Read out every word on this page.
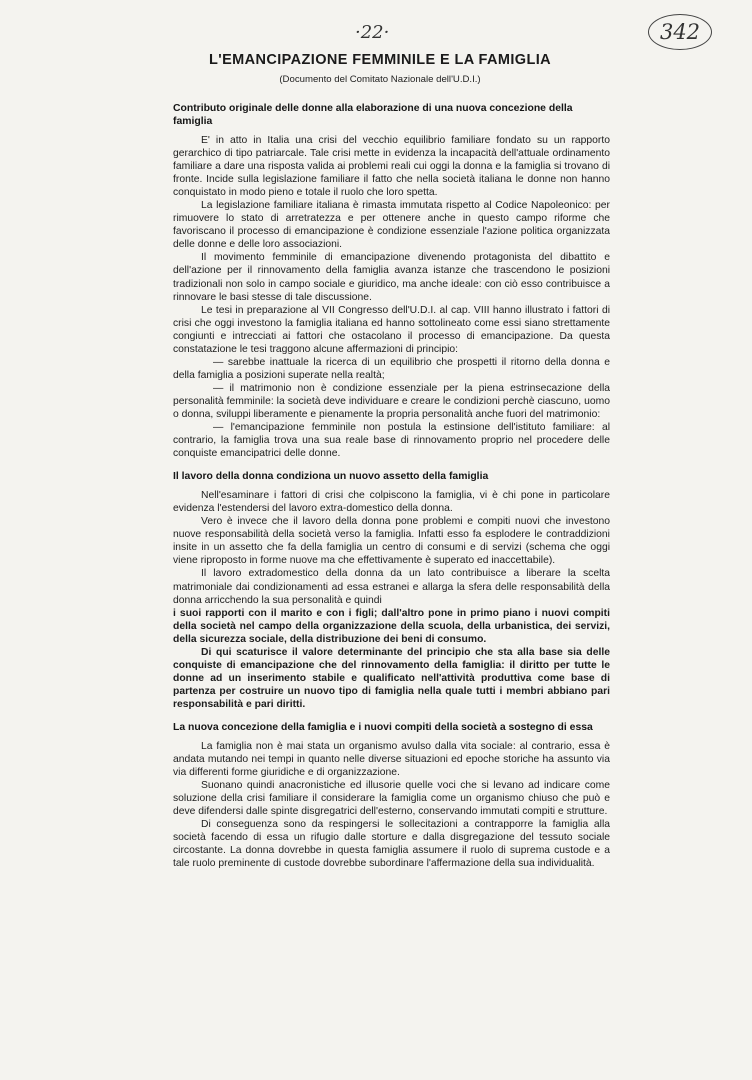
·22·	342
L'EMANCIPAZIONE FEMMINILE E LA FAMIGLIA
(Documento del Comitato Nazionale dell'U.D.I.)

Contributo originale delle donne alla elaborazione di una nuova concezione della famiglia

E' in atto in Italia una crisi del vecchio equilibrio familiare fondato su un rapporto gerarchico di tipo patriarcale. Tale crisi mette in evidenza la incapacità dell'attuale ordinamento familiare a dare una risposta valida ai problemi reali cui oggi la donna e la famiglia si trovano di fronte. Incide sulla legislazione familiare il fatto che nella società italiana le donne non hanno conquistato in modo pieno e totale il ruolo che loro spetta.

La legislazione familiare italiana è rimasta immutata rispetto al Codice Napoleonico: per rimuovere lo stato di arretratezza e per ottenere anche in questo campo riforme che favoriscano il processo di emancipazione è condizione essenziale l'azione politica organizzata delle donne e delle loro associazioni.

Il movimento femminile di emancipazione divenendo protagonista del dibattito e dell'azione per il rinnovamento della famiglia avanza istanze che trascendono le posizioni tradizionali non solo in campo sociale e giuridico, ma anche ideale: con ciò esso contribuisce a rinnovare le basi stesse di tale discussione.

Le tesi in preparazione al VII Congresso dell'U.D.I. al cap. VIII hanno illustrato i fattori di crisi che oggi investono la famiglia italiana ed hanno sottolineato come essi siano strettamente congiunti e intrecciati ai fattori che ostacolano il processo di emancipazione. Da questa constatazione le tesi traggono alcune affermazioni di principio:

— sarebbe inattuale la ricerca di un equilibrio che prospetti il ritorno della donna e della famiglia a posizioni superate nella realtà;

— il matrimonio non è condizione essenziale per la piena estrinsecazione della personalità femminile: la società deve individuare e creare le condizioni perchè ciascuno, uomo o donna, sviluppi liberamente e pienamente la propria personalità anche fuori del matrimonio:

— l'emancipazione femminile non postula la estinsione dell'istituto familiare: al contrario, la famiglia trova una sua reale base di rinnovamento proprio nel procedere delle conquiste emancipatrici delle donne.

Il lavoro della donna condiziona un nuovo assetto della famiglia

Nell'esaminare i fattori di crisi che colpiscono la famiglia, vi è chi pone in particolare evidenza l'estendersi del lavoro extra-domestico della donna.

Vero è invece che il lavoro della donna pone problemi e compiti nuovi che investono nuove responsabilità della società verso la famiglia. Infatti esso fa esplodere le contraddizioni insite in un assetto che fa della famiglia un centro di consumi e di servizi (schema che oggi viene riproposto in forme nuove ma che effettivamente è superato ed inaccettabile).

Il lavoro extradomestico della donna da un lato contribuisce a liberare la scelta matrimoniale dai condizionamenti ad essa estranei e allarga la sfera delle responsabilità della donna arricchendo la sua personalità e quindi

i suoi rapporti con il marito e con i figli; dall'altro pone in primo piano i nuovi compiti della società nel campo della organizzazione della scuola, della urbanistica, dei servizi, della sicurezza sociale, della distribuzione dei beni di consumo.

Di qui scaturisce il valore determinante del principio che sta alla base sia delle conquiste di emancipazione che del rinnovamento della famiglia: il diritto per tutte le donne ad un inserimento stabile e qualificato nell'attività produttiva come base di partenza per costruire un nuovo tipo di famiglia nella quale tutti i membri abbiano pari responsabilità e pari diritti.

La nuova concezione della famiglia e i nuovi compiti della società a sostegno di essa

La famiglia non è mai stata un organismo avulso dalla vita sociale: al contrario, essa è andata mutando nei tempi in quanto nelle diverse situazioni ed epoche storiche ha assunto via via differenti forme giuridiche e di organizzazione.

Suonano quindi anacronistiche ed illusorie quelle voci che si levano ad indicare come soluzione della crisi familiare il considerare la famiglia come un organismo chiuso che può e deve difendersi dalle spinte disgregatrici dell'esterno, conservando immutati compiti e strutture.

Di conseguenza sono da respingersi le sollecitazioni a contrapporre la famiglia alla società facendo di essa un rifugio dalle storture e dalla disgregazione del tessuto sociale circostante. La donna dovrebbe in questa famiglia assumere il ruolo di suprema custode e a tale ruolo preminente di custode dovrebbe subordinare l'affermazione della sua individualità.
